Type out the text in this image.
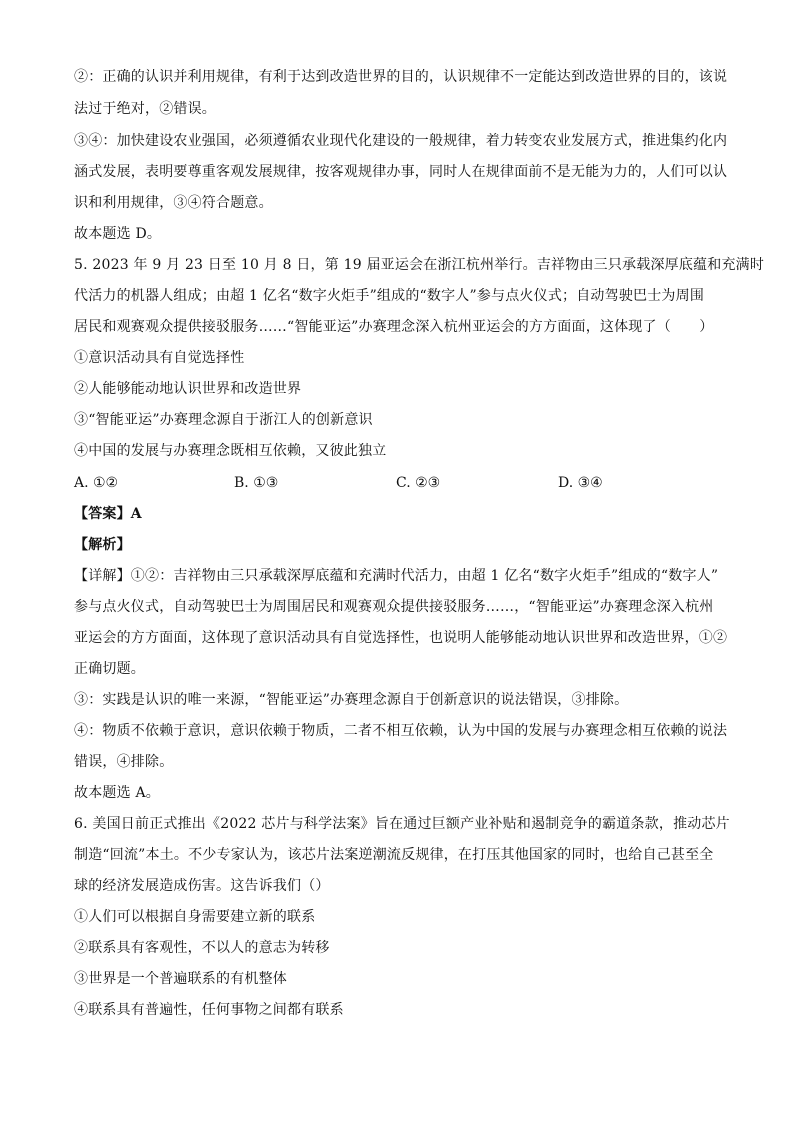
②：正确的认识并利用规律，有利于达到改造世界的目的，认识规律不一定能达到改造世界的目的，该说
法过于绝对，②错误。
③④：加快建设农业强国，必须遵循农业现代化建设的一般规律，着力转变农业发展方式，推进集约化内
涵式发展，表明要尊重客观发展规律，按客观规律办事，同时人在规律面前不是无能为力的，人们可以认
识和利用规律，③④符合题意。
故本题选 D。
5. 2023 年 9 月 23 日至 10 月 8 日，第 19 届亚运会在浙江杭州举行。吉祥物由三只承载深厚底蕴和充满时
代活力的机器人组成；由超 1 亿名“数字火炬手”组成的“数字人”参与点火仪式；自动驾驶巴士为周围
居民和观赛观众提供接驳服务……“智能亚运”办赛理念深入杭州亚运会的方方面面，这体现了（　　）
①意识活动具有自觉选择性
②人能够能动地认识世界和改造世界
③“智能亚运”办赛理念源自于浙江人的创新意识
④中国的发展与办赛理念既相互依赖，又彼此独立
A. ①②	B. ①③	C. ②③	D. ③④
【答案】A
【解析】
【详解】①②：吉祥物由三只承载深厚底蕴和充满时代活力，由超 1 亿名“数字火炬手”组成的“数字人”
参与点火仪式，自动驾驶巴士为周围居民和观赛观众提供接驳服务……，“智能亚运”办赛理念深入杭州
亚运会的方方面面，这体现了意识活动具有自觉选择性，也说明人能够能动地认识世界和改造世界，①②
正确切题。
③：实践是认识的唯一来源，“智能亚运”办赛理念源自于创新意识的说法错误，③排除。
④：物质不依赖于意识，意识依赖于物质，二者不相互依赖，认为中国的发展与办赛理念相互依赖的说法
错误，④排除。
故本题选 A。
6. 美国日前正式推出《2022 芯片与科学法案》旨在通过巨额产业补贴和遏制竞争的霸道条款，推动芯片
制造“回流”本土。不少专家认为，该芯片法案逆潮流反规律，在打压其他国家的同时，也给自己甚至全
球的经济发展造成伤害。这告诉我们（）
①人们可以根据自身需要建立新的联系
②联系具有客观性，不以人的意志为转移
③世界是一个普遍联系的有机整体
④联系具有普遍性，任何事物之间都有联系
